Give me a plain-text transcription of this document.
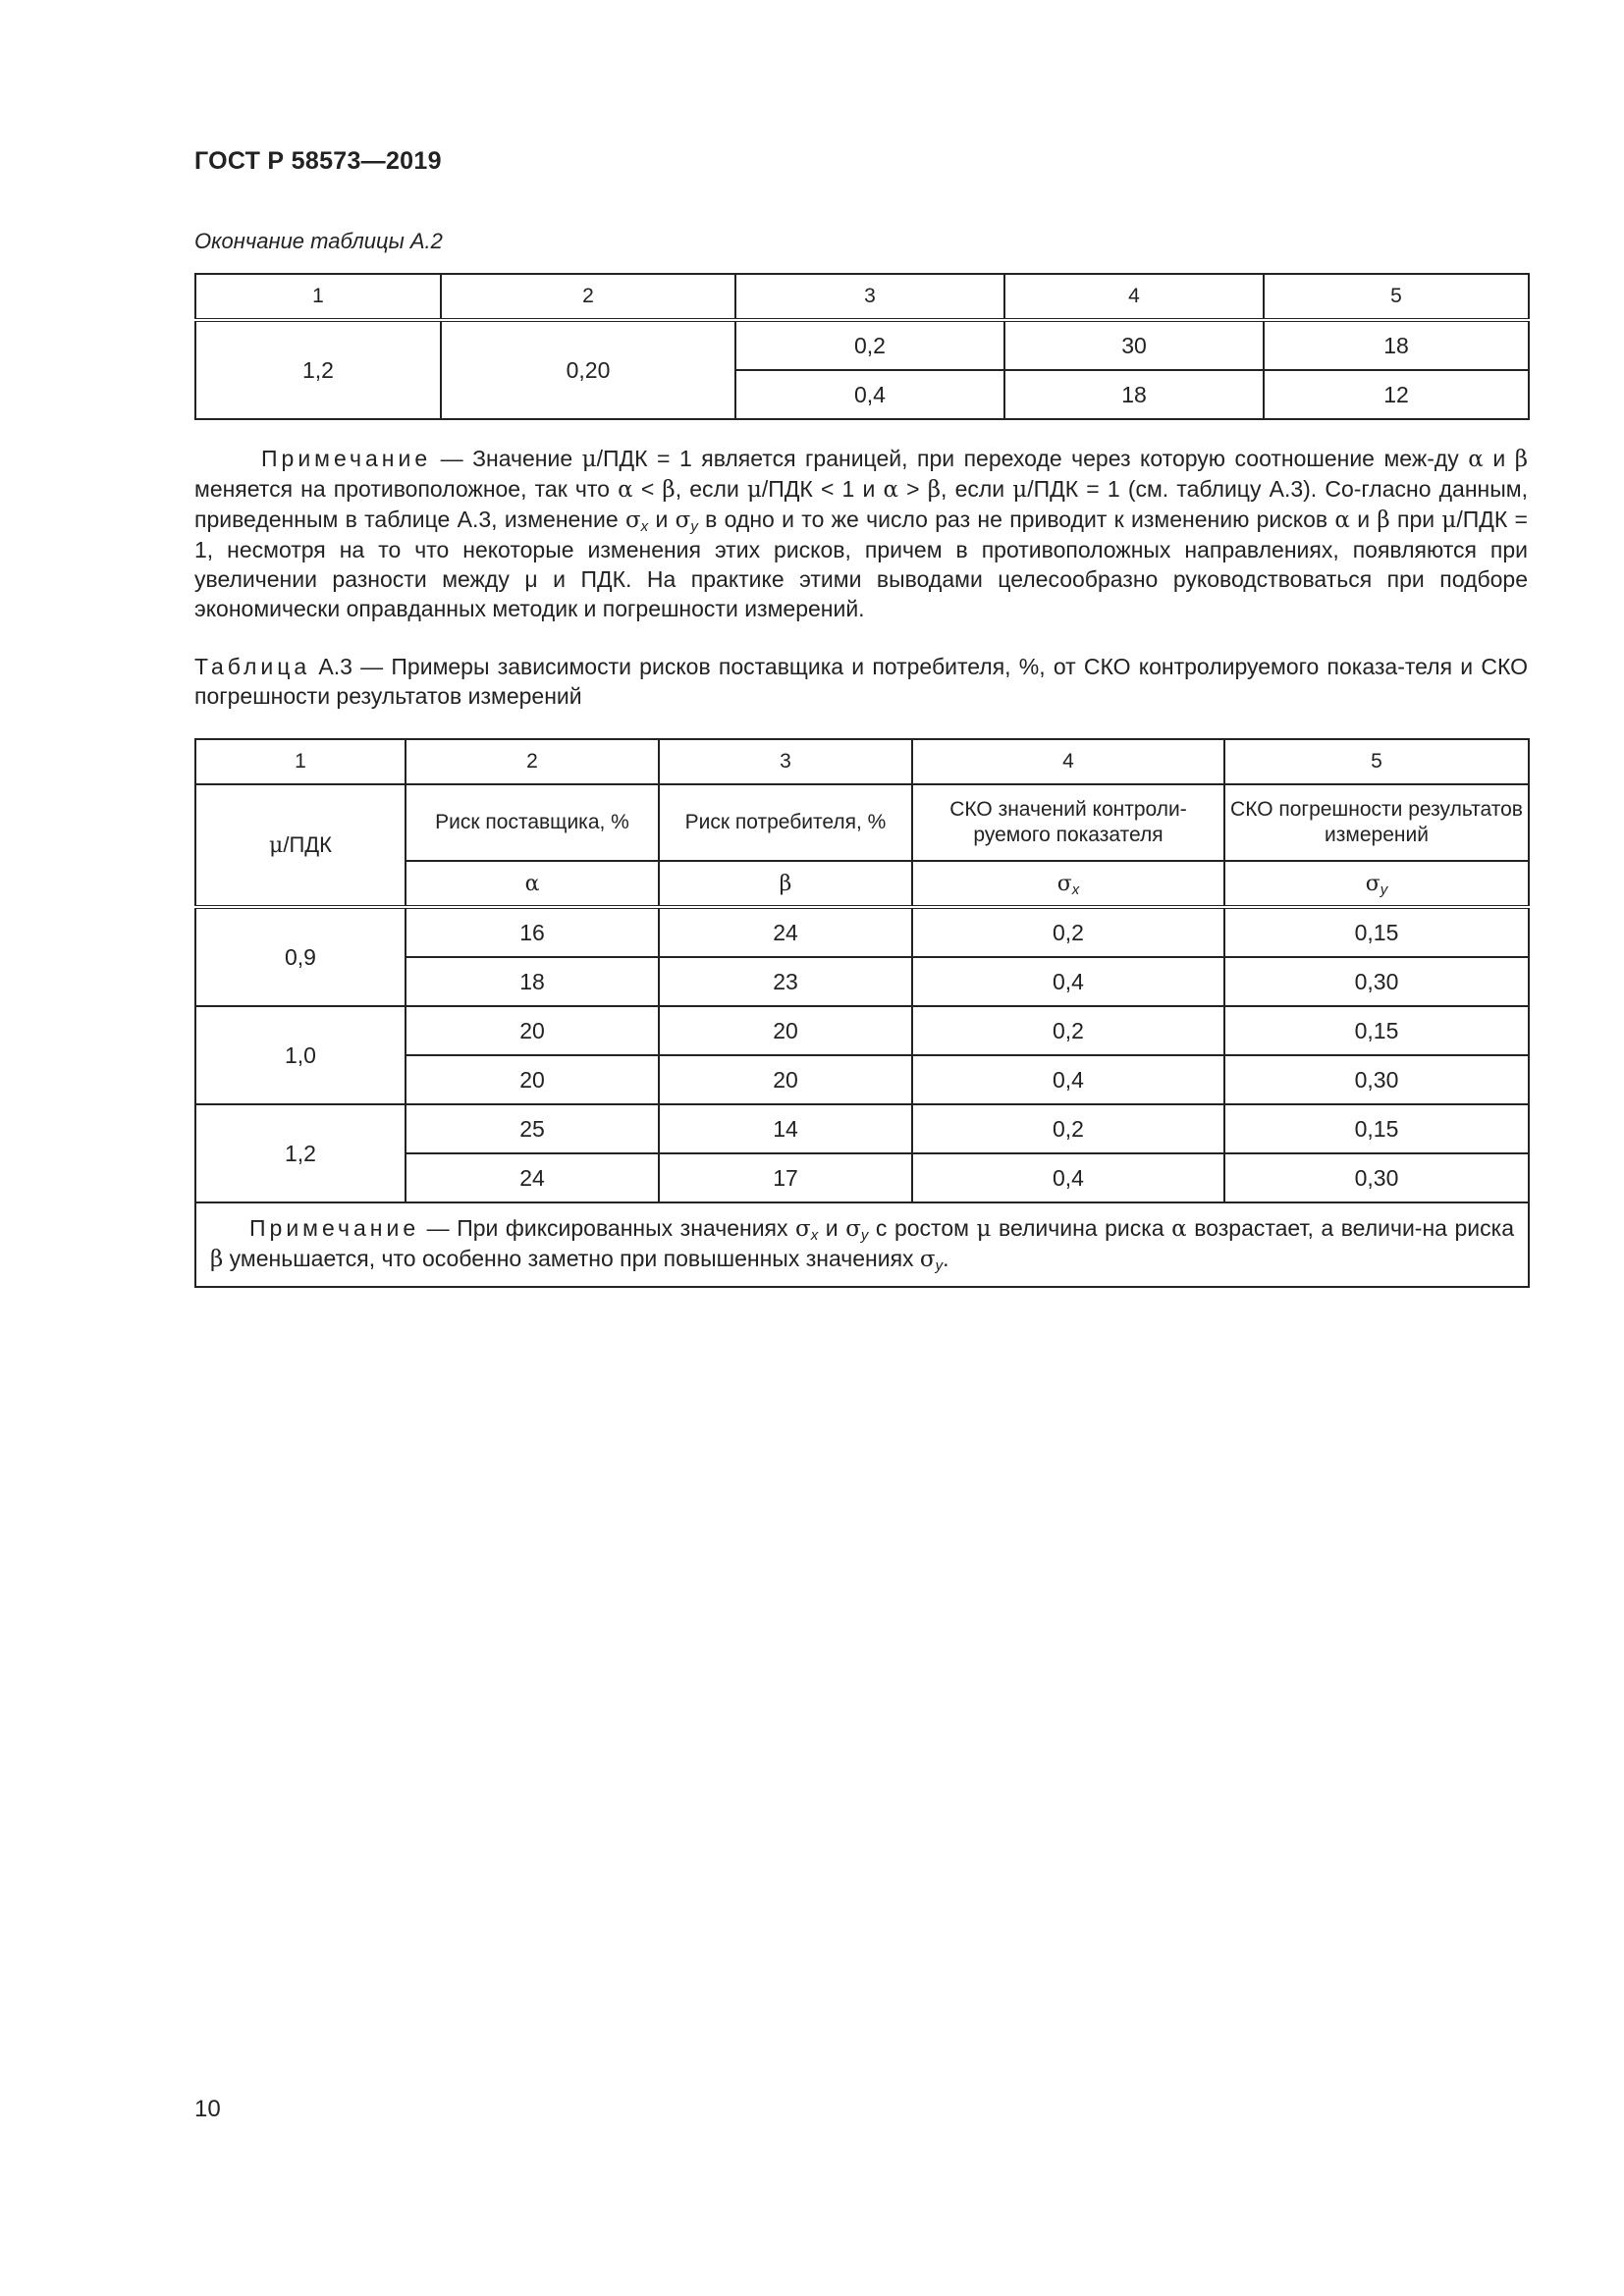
ГОСТ Р 58573—2019
Окончание таблицы А.2
1	2	3	4	5
1,2	0,20	0,2	30	18
		0,4	18	12
Примечание — Значение μ/ПДК = 1 является границей, при переходе через которую соотношение меж-ду α и β меняется на противоположное, так что α < β, если μ/ПДК < 1 и α > β, если μ/ПДК = 1 (см. таблицу А.3). Со-гласно данным, приведенным в таблице А.3, изменение $\sigma_x$ и $\sigma_y$ в одно и то же число раз не приводит к изменению рисков α и β при μ/ПДК = 1, несмотря на то что некоторые изменения этих рисков, причем в противоположных направлениях, появляются при увеличении разности между μ и ПДК. На практике этими выводами целесообразно руководствоваться при подборе экономически оправданных методик и погрешности измерений.
Таблица А.3 — Примеры зависимости рисков поставщика и потребителя, %, от СКО контролируемого показа-теля и СКО погрешности результатов измерений
1	2	3	4	5
μ/ПДК	Риск поставщика, %	Риск потребителя, %	СКО значений контроли-руемого показателя	СКО погрешности результатов измерений
	α	β	$\sigma_x$	$\sigma_y$
0,9	16	24	0,2	0,15
	18	23	0,4	0,30
1,0	20	20	0,2	0,15
	20	20	0,4	0,30
1,2	25	14	0,2	0,15
	24	17	0,4	0,30
Примечание — При фиксированных значениях $\sigma_x$ и $\sigma_y$ с ростом μ величина риска α возрастает, а величи-на риска β уменьшается, что особенно заметно при повышенных значениях $\sigma_y$.				
10
